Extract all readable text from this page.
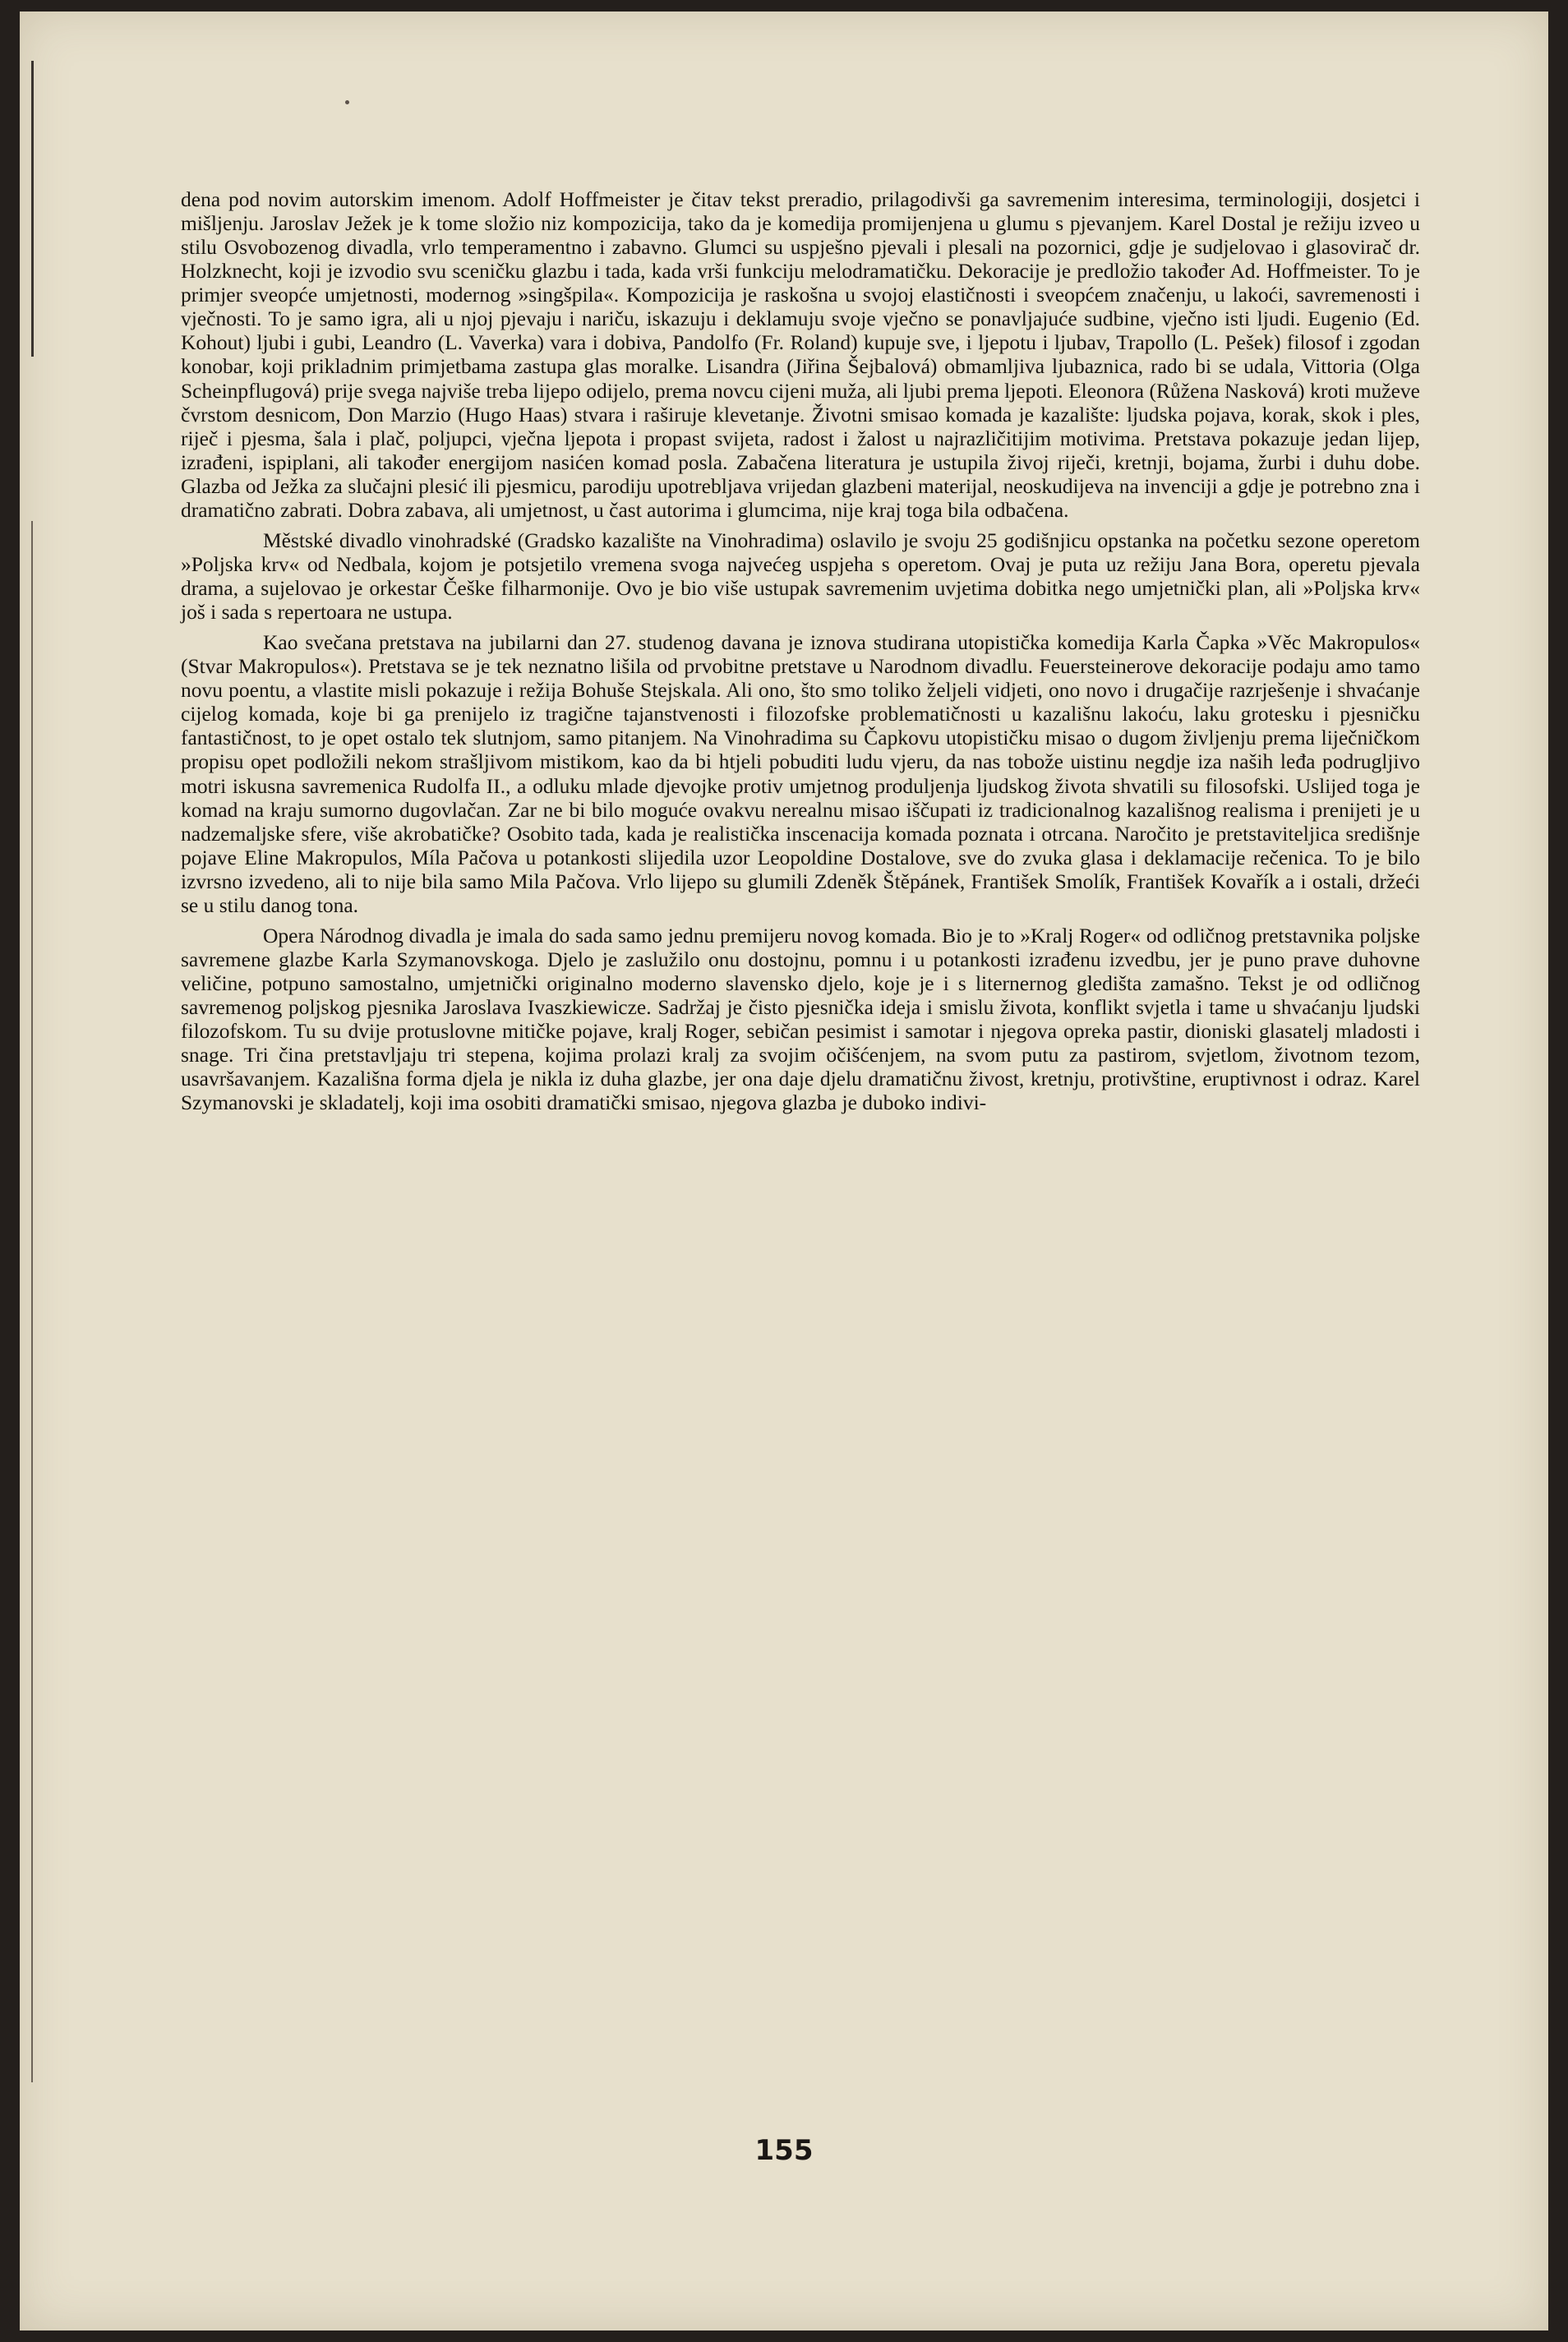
dena pod novim autorskim imenom. Adolf Hoffmeister je čitav tekst preradio, prilagodivši ga savremenim interesima, terminologiji, dosjetci i mišljenju. Jaroslav Ježek je k tome složio niz kompozicija, tako da je komedija promijenjena u glumu s pjevanjem. Karel Dostal je režiju izveo u stilu Osvobozenog divadla, vrlo temperamentno i zabavno. Glumci su uspješno pjevali i plesali na pozornici, gdje je sudjelovao i glasovirač dr. Holzknecht, koji je izvodio svu sceničku glazbu i tada, kada vrši funkciju melodramatičku. Dekoracije je predložio također Ad. Hoffmeister. To je primjer sveopće umjetnosti, modernog »singšpila«. Kompozicija je raskošna u svojoj elastičnosti i sveopćem značenju, u lakoći, savremenosti i vječnosti. To je samo igra, ali u njoj pjevaju i nariču, iskazuju i deklamuju svoje vječno se ponavljajuće sudbine, vječno isti ljudi. Eugenio (Ed. Kohout) ljubi i gubi, Leandro (L. Vaverka) vara i dobiva, Pandolfo (Fr. Roland) kupuje sve, i ljepotu i ljubav, Trapollo (L. Pešek) filosof i zgodan konobar, koji prikladnim primjetbama zastupa glas moralke. Lisandra (Jiřina Šejbalová) obmamljiva ljubaznica, rado bi se udala, Vittoria (Olga Scheinpflugová) prije svega najviše treba lijepo odijelo, prema novcu cijeni muža, ali ljubi prema ljepoti. Eleonora (Růžena Nasková) kroti muževe čvrstom desnicom, Don Marzio (Hugo Haas) stvara i raširuje klevetanje. Životni smisao komada je kazalište: ljudska pojava, korak, skok i ples, riječ i pjesma, šala i plač, poljupci, vječna ljepota i propast svijeta, radost i žalost u najrazličitijim motivima. Pretstava pokazuje jedan lijep, izrađeni, ispiplani, ali također energijom nasićen komad posla. Zabačena literatura je ustupila živoj riječi, kretnji, bojama, žurbi i duhu dobe. Glazba od Ježka za slučajni plesić ili pjesmicu, parodiju upotrebljava vrijedan glazbeni materijal, neoskudijeva na invenciji a gdje je potrebno zna i dramatično zabrati. Dobra zabava, ali umjetnost, u čast autorima i glumcima, nije kraj toga bila odbačena.

Městské divadlo vinohradské (Gradsko kazalište na Vinohradima) oslavilo je svoju 25 godišnjicu opstanka na početku sezone operetom »Poljska krv« od Nedbala, kojom je potsjetilo vremena svoga najvećeg uspjeha s operetom. Ovaj je puta uz režiju Jana Bora, operetu pjevala drama, a sujelovao je orkestar Češke filharmonije. Ovo je bio više ustupak savremenim uvjetima dobitka nego umjetnički plan, ali »Poljska krv« još i sada s repertoara ne ustupa.

Kao svečana pretstava na jubilarni dan 27. studenog davana je iznova studirana utopistička komedija Karla Čapka »Věc Makropulos« (Stvar Makropulos«). Pretstava se je tek neznatno lišila od prvobitne pretstave u Narodnom divadlu. Feuersteinerove dekoracije podaju amo tamo novu poentu, a vlastite misli pokazuje i režija Bohuše Stejskala. Ali ono, što smo toliko željeli vidjeti, ono novo i drugačije razrješenje i shvaćanje cijelog komada, koje bi ga prenijelo iz tragične tajanstvenosti i filozofske problematičnosti u kazališnu lakoću, laku grotesku i pjesničku fantastičnost, to je opet ostalo tek slutnjom, samo pitanjem. Na Vinohradima su Čapkovu utopističku misao o dugom življenju prema liječničkom propisu opet podložili nekom strašljivom mistikom, kao da bi htjeli pobuditi ludu vjeru, da nas tobože uistinu negdje iza naših leđa podrugljivo motri iskusna savremenica Rudolfa II., a odluku mlade djevojke protiv umjetnog produljenja ljudskog života shvatili su filosofski. Uslijed toga je komad na kraju sumorno dugovlačan. Zar ne bi bilo moguće ovakvu nerealnu misao iščupati iz tradicionalnog kazališnog realisma i prenijeti je u nadzemaljske sfere, više akrobatičke? Osobito tada, kada je realistička inscenacija komada poznata i otrcana. Naročito je pretstaviteljica središnje pojave Eline Makropulos, Míla Pačova u potankosti slijedila uzor Leopoldine Dostalove, sve do zvuka glasa i deklamacije rečenica. To je bilo izvrsno izvedeno, ali to nije bila samo Mila Pačova. Vrlo lijepo su glumili Zdeněk Štěpánek, František Smolík, František Kovařík a i ostali, držeći se u stilu danog tona.

Opera Národnog divadla je imala do sada samo jednu premijeru novog komada. Bio je to »Kralj Roger« od odličnog pretstavnika poljske savremene glazbe Karla Szymanovskoga. Djelo je zaslužilo onu dostojnu, pomnu i u potankosti izrađenu izvedbu, jer je puno prave duhovne veličine, potpuno samostalno, umjetnički originalno moderno slavensko djelo, koje je i s liternernog gledišta zamašno. Tekst je od odličnog savremenog poljskog pjesnika Jaroslava Ivaszkiewicze. Sadržaj je čisto pjesnička ideja i smislu života, konflikt svjetla i tame u shvaćanju ljudski filozofskom. Tu su dvije protuslovne mitičke pojave, kralj Roger, sebičan pesimist i samotar i njegova opreka pastir, dioniski glasatelj mladosti i snage. Tri čina pretstavljaju tri stepena, kojima prolazi kralj za svojim očišćenjem, na svom putu za pastirom, svjetlom, životnom tezom, usavršavanjem. Kazališna forma djela je nikla iz duha glazbe, jer ona daje djelu dramatičnu živost, kretnju, protivštine, eruptivnost i odraz. Karel Szymanovski je skladatelj, koji ima osobiti dramatički smisao, njegova glazba je duboko indivi-

155
